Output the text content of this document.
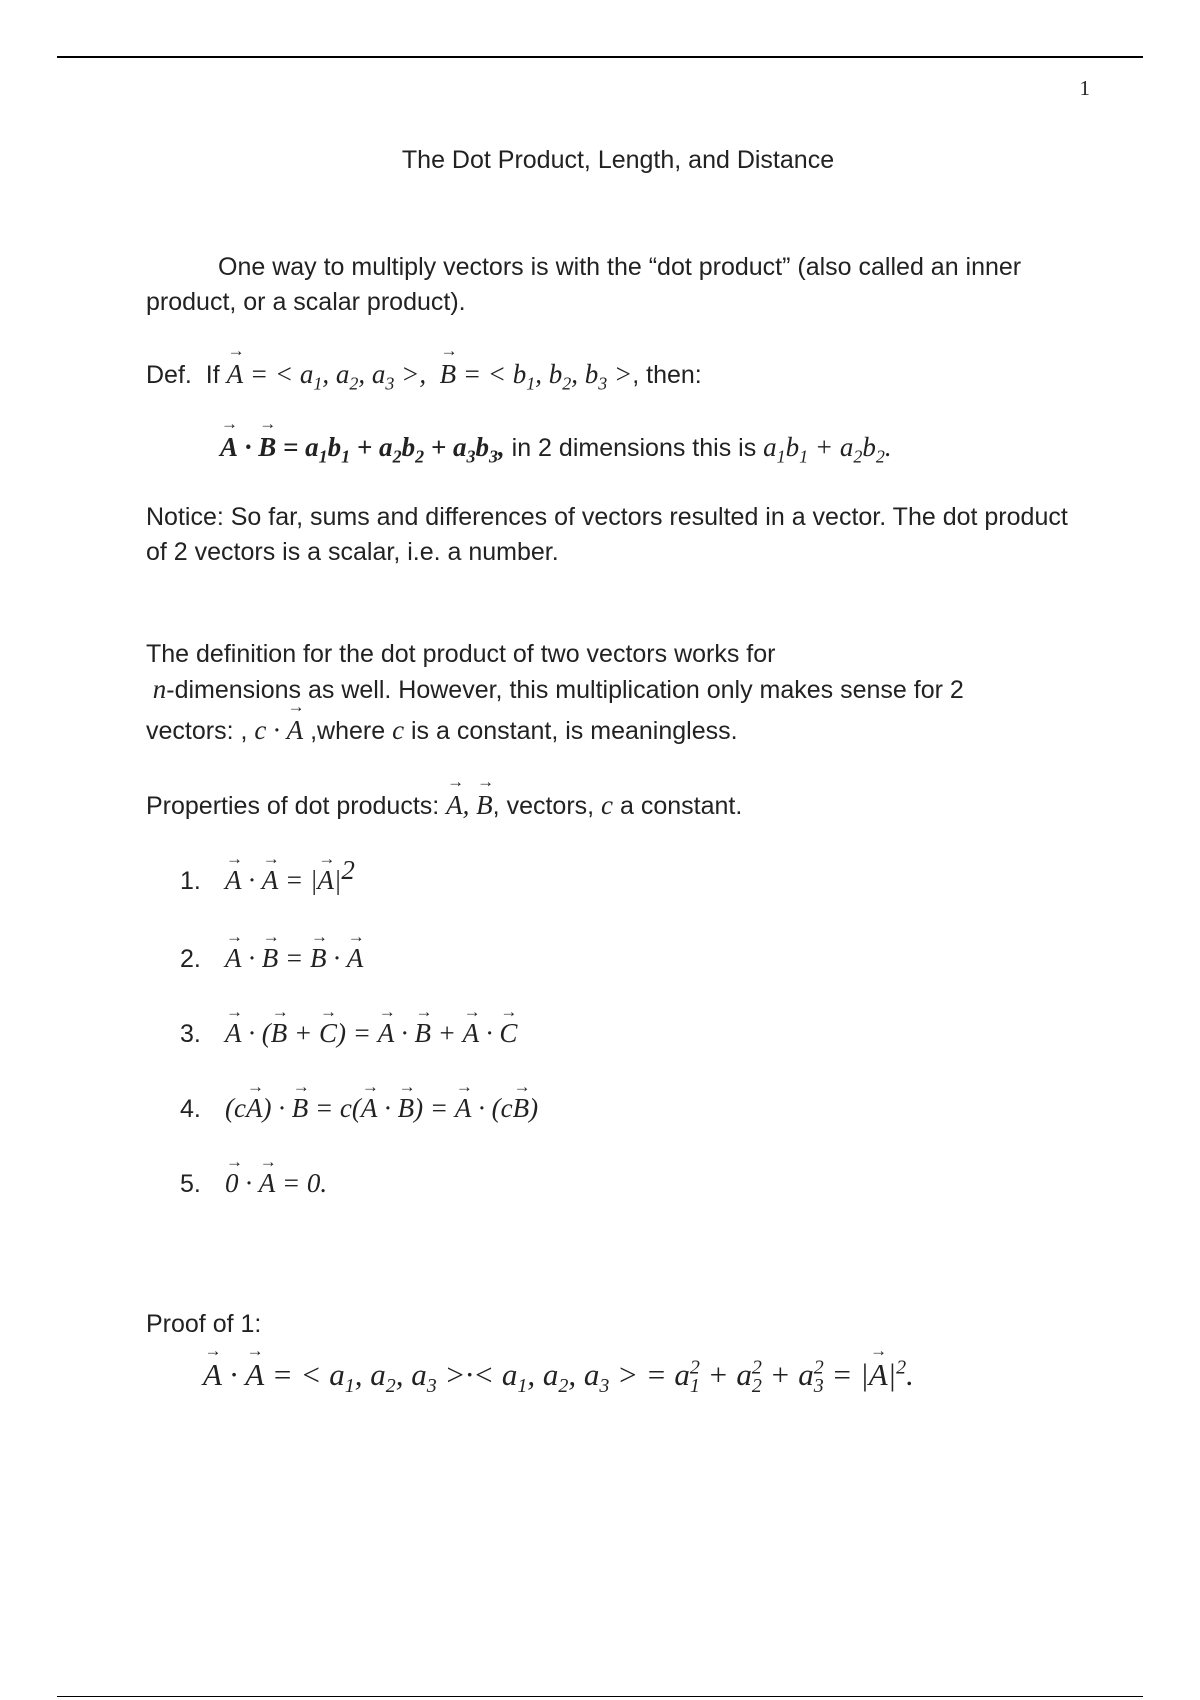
1
The Dot Product, Length, and Distance
One way to multiply vectors is with the “dot product” (also called an inner product, or a scalar product).
Def. If → A = < $a_1$, $a_2$, $a_3$ >,  → B = < $b_1$, $b_2$, $b_3$ >, then:
→ A · → $B = a_1b_1 + a_2b_2 + a_3b_3$, in 2 dimensions this is $a_1b_1 + a_2b_2$.
Notice: So far, sums and differences of vectors resulted in a vector. The dot product of 2 vectors is a scalar, i.e. a number.
The definition for the dot product of two vectors works for
n-dimensions as well. However, this multiplication only makes sense for 2
vectors: , c · → A ,where c is a constant, is meaningless.
Properties of dot products: → A, → B, vectors, c a constant.
1. → A · → A = |→ $A|^2$
2. → A · → B = → B · → A
3. → A · (→ B + → C) = → A · → B + → A · → C
4. (c→ A) · → B = c(→ A · → B) = → A · (c→ B)
5. → 0 · → A = 0.
Proof of 1:
→ A · → A = < $a_1$, $a_2$, $a_3$ >·< $a_1$, $a_2$, $a_3$ > = $a^2_1 + a^2_2 + a^2_3$ = |→ $A|^2$.
